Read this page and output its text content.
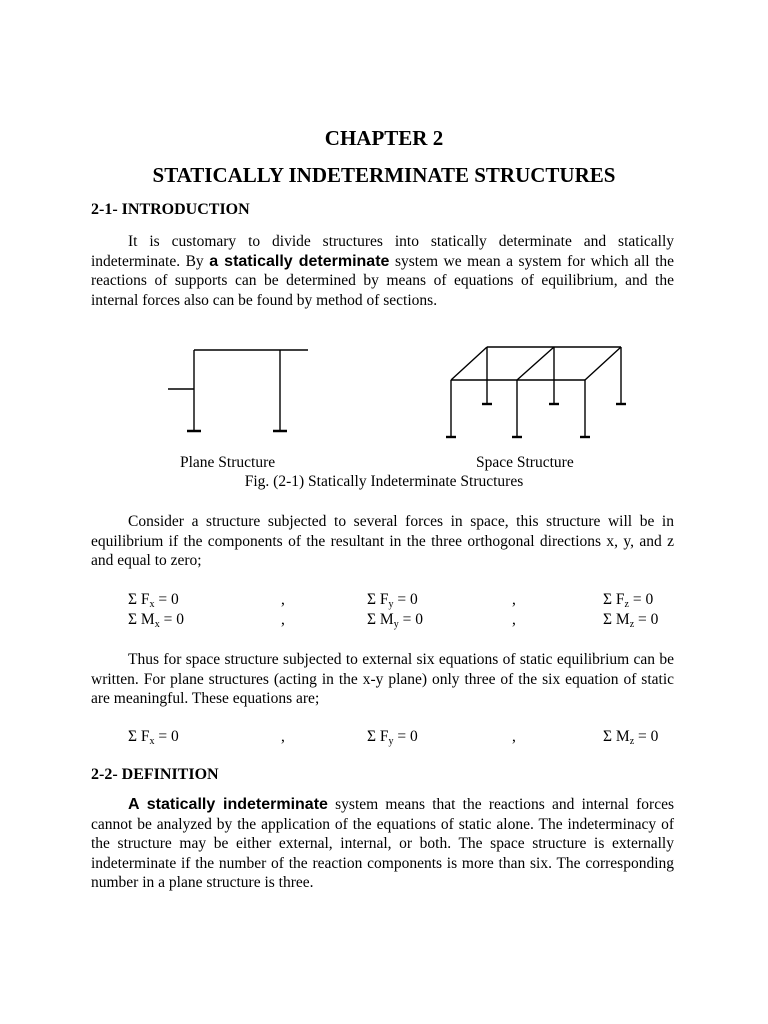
CHAPTER 2
STATICALLY INDETERMINATE STRUCTURES
2-1- INTRODUCTION

It is customary to divide structures into statically determinate and statically indeterminate. By a statically determinate system we mean a system for which all the reactions of supports can be determined by means of equations of equilibrium, and the internal forces also can be found by method of sections.

Plane Structure	Space Structure
Fig. (2-1) Statically Indeterminate Structures

Consider a structure subjected to several forces in space, this structure will be in equilibrium if the components of the resultant in the three orthogonal directions x, y, and z and equal to zero;

Σ $F_x = 0$	,	Σ $F_y = 0$	,	Σ $F_z = 0$
Σ $M_x = 0$	,	Σ $M_y = 0$	,	Σ $M_z = 0$

Thus for space structure subjected to external six equations of static equilibrium can be written. For plane structures (acting in the x-y plane) only three of the six equation of static are meaningful. These equations are;

Σ $F_x = 0$	,	Σ $F_y = 0$	,	Σ $M_z = 0$
2-2- DEFINITION

A statically indeterminate system means that the reactions and internal forces cannot be analyzed by the application of the equations of static alone. The indeterminacy of the structure may be either external, internal, or both. The space structure is externally indeterminate if the number of the reaction components is more than six. The corresponding number in a plane structure is three.
